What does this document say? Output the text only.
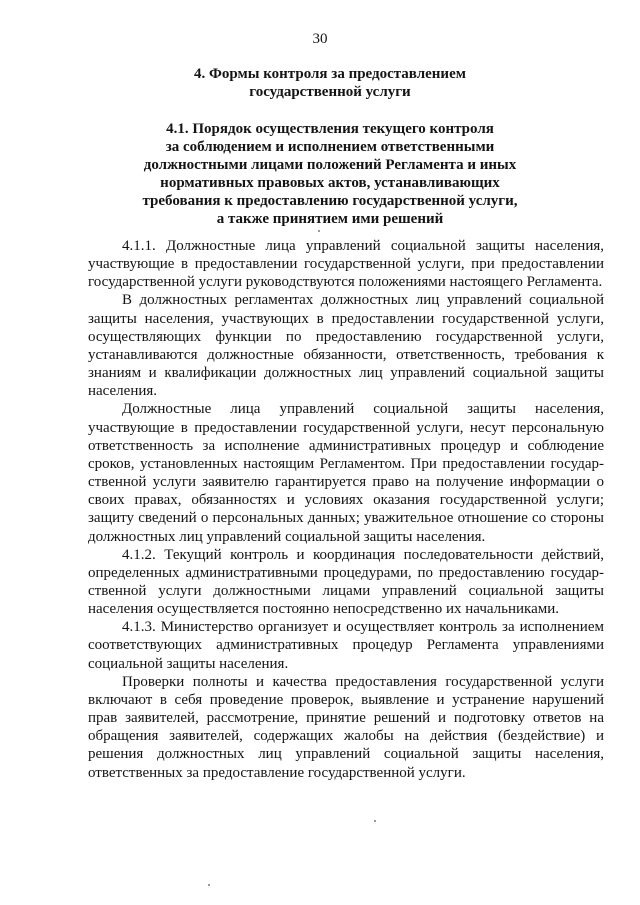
30
4. Формы контроля за предоставлением
государственной услуги
4.1. Порядок осуществления текущего контроля
за соблюдением и исполнением ответственными
должностными лицами положений Регламента и иных
нормативных правовых актов, устанавливающих
требования к предоставлению государственной услуги,
а также принятием ими решений

4.1.1. Должностные лица управлений социальной защиты населения, участвующие в предоставлении государственной услуги, при предоставлении государственной услуги руководствуются положениями настоящего Регламента.

В должностных регламентах должностных лиц управлений социальной защиты населения, участвующих в предоставлении государственной услуги, осуществляющих функции по предоставлению государственной услуги, устанавливаются должностные обязанности, ответственность, требования к знаниям и квалификации должностных лиц управлений социальной защиты населения.

Должностные лица управлений социальной защиты населения, участвующие в предоставлении государственной услуги, несут персональную ответственность за исполнение административных процедур и соблюдение сроков, установленных настоящим Регламентом. При предоставлении государственной услуги заявителю гарантируется право на получение информации о своих правах, обязанностях и условиях оказания государственной услуги; защиту сведений о персональных данных; уважительное отношение со стороны должностных лиц управлений социальной защиты населения.

4.1.2. Текущий контроль и координация последовательности действий, определенных административными процедурами, по предоставлению государственной услуги должностными лицами управлений социальной защиты населения осуществляется постоянно непосредственно их начальниками.

4.1.3. Министерство организует и осуществляет контроль за исполнением соответствующих административных процедур Регламента управлениями социальной защиты населения.

Проверки полноты и качества предоставления государственной услуги включают в себя проведение проверок, выявление и устранение нарушений прав заявителей, рассмотрение, принятие решений и подготовку ответов на обращения заявителей, содержащих жалобы на действия (бездействие) и решения должностных лиц управлений социальной защиты населения, ответственных за предоставление государственной услуги.
